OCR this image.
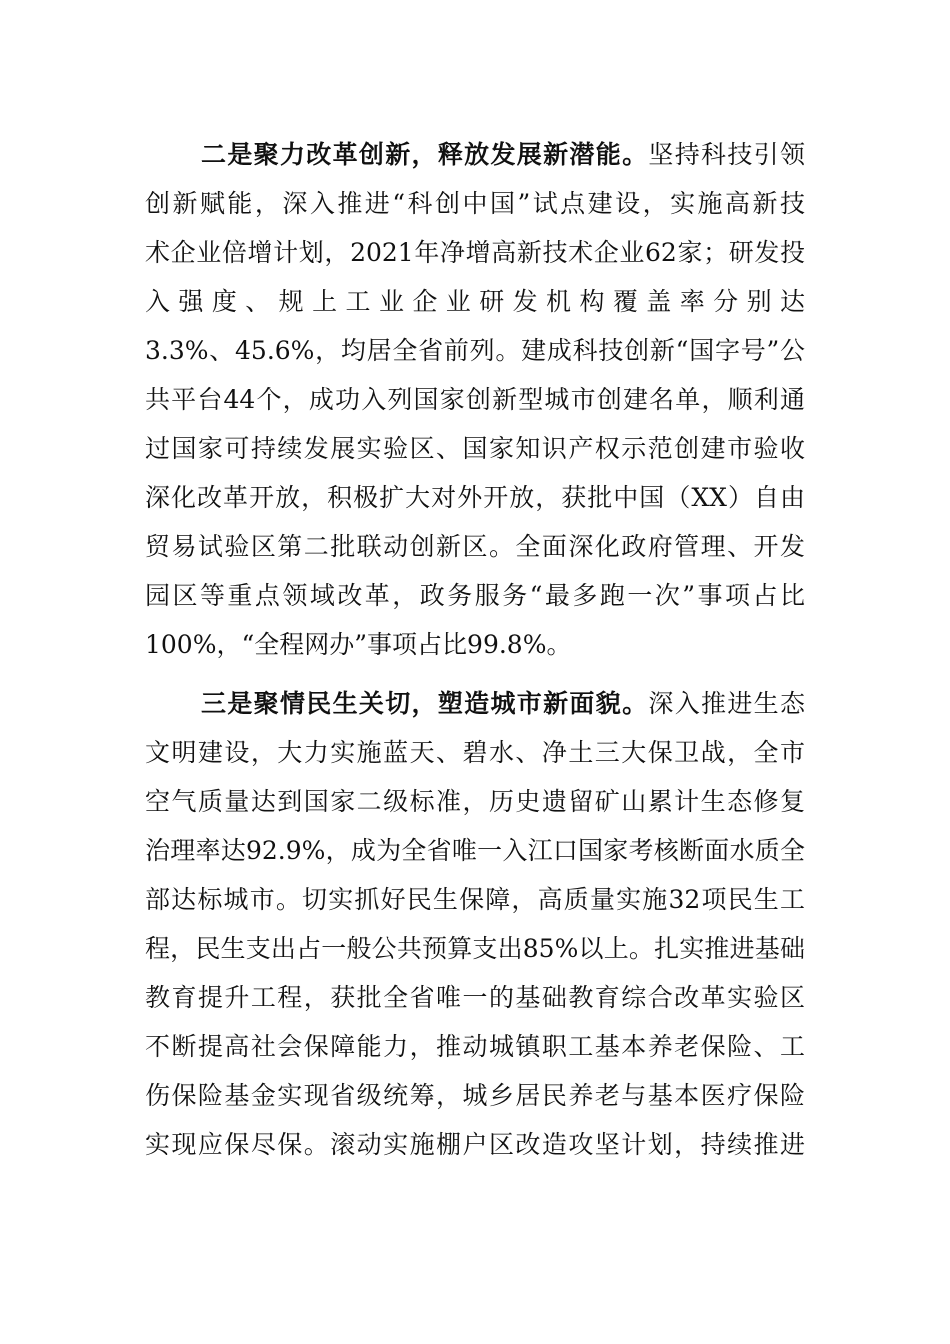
二是聚力改革创新，释放发展新潜能。坚持科技引领
创新赋能，深入推进“科创中国”试点建设，实施高新技
术企业倍增计划，2021年净增高新技术企业62家；研发投
入强度、规上工业企业研发机构覆盖率分别达
3.3%、45.6%，均居全省前列。建成科技创新“国字号”公
共平台44个，成功入列国家创新型城市创建名单，顺利通
过国家可持续发展实验区、国家知识产权示范创建市验收
深化改革开放，积极扩大对外开放，获批中国（XX）自由
贸易试验区第二批联动创新区。全面深化政府管理、开发
园区等重点领域改革，政务服务“最多跑一次”事项占比
100%，“全程网办”事项占比99.8%。
三是聚情民生关切，塑造城市新面貌。深入推进生态
文明建设，大力实施蓝天、碧水、净土三大保卫战，全市
空气质量达到国家二级标准，历史遗留矿山累计生态修复
治理率达92.9%，成为全省唯一入江口国家考核断面水质全
部达标城市。切实抓好民生保障，高质量实施32项民生工
程，民生支出占一般公共预算支出85%以上。扎实推进基础
教育提升工程，获批全省唯一的基础教育综合改革实验区
不断提高社会保障能力，推动城镇职工基本养老保险、工
伤保险基金实现省级统筹，城乡居民养老与基本医疗保险
实现应保尽保。滚动实施棚户区改造攻坚计划，持续推进
